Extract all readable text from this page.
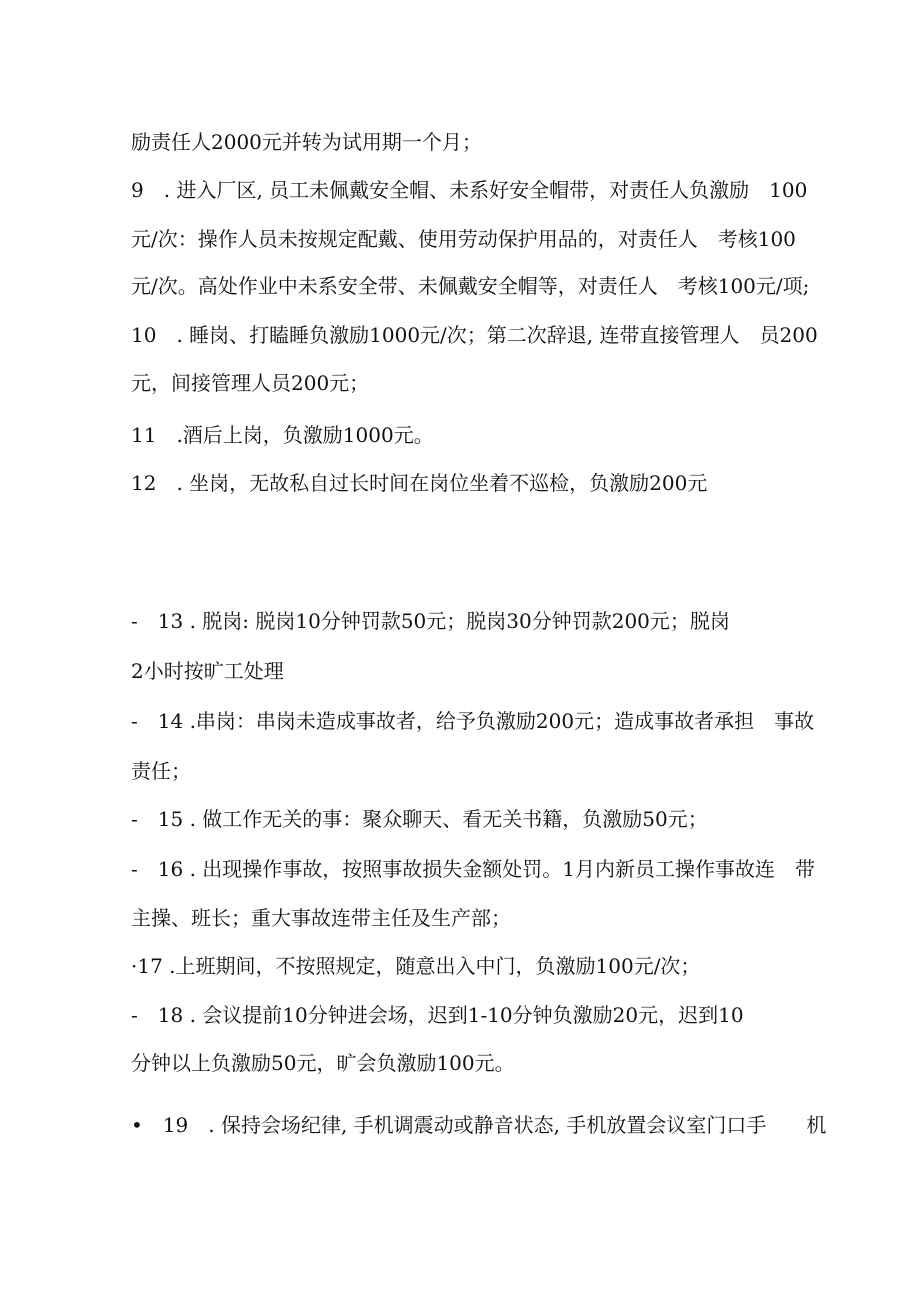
励责任人2000元并转为试用期一个月；
9　. 进入厂区, 员工未佩戴安全帽、未系好安全帽带，对责任人负激励　100
元/次：操作人员未按规定配戴、使用劳动保护用品的，对责任人　考核100
元/次。高处作业中未系安全带、未佩戴安全帽等，对责任人　考核100元/项;
10　. 睡岗、打瞌睡负激励1000元/次；第二次辞退, 连带直接管理人　员200
元，间接管理人员200元；
11　.酒后上岗，负激励1000元。
12　. 坐岗，无故私自过长时间在岗位坐着不巡检，负激励200元
-　13 . 脱岗: 脱岗10分钟罚款50元；脱岗30分钟罚款200元；脱岗
2小时按旷工处理
-　14 .串岗：串岗未造成事故者，给予负激励200元；造成事故者承担　事故
责任；
-　15 . 做工作无关的事：聚众聊天、看无关书籍，负激励50元；
-　16 . 出现操作事故，按照事故损失金额处罚。1月内新员工操作事故连　带
主操、班长；重大事故连带主任及生产部；
·17 .上班期间，不按照规定，随意出入中门，负激励100元/次；
-　18 . 会议提前10分钟进会场，迟到1-10分钟负激励20元，迟到10
分钟以上负激励50元，旷会负激励100元。
•　19　. 保持会场纪律, 手机调震动或静音状态, 手机放置会议室门口手　　机
